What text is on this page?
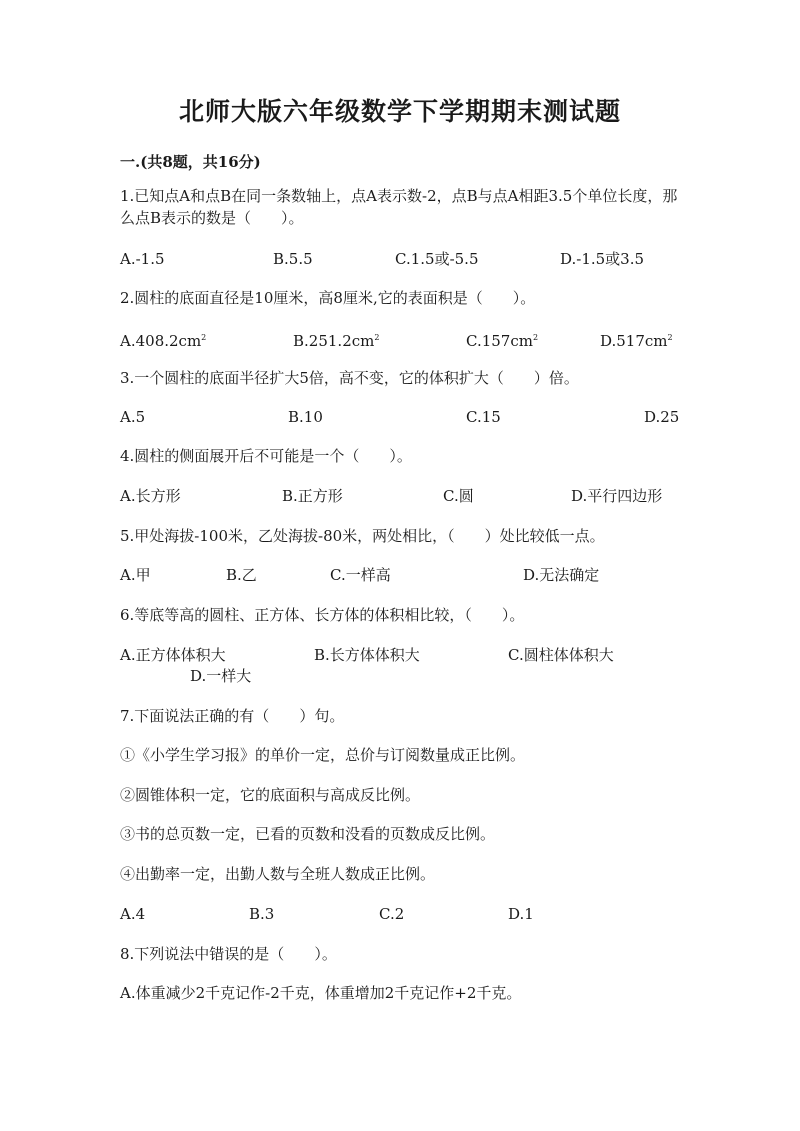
北师大版六年级数学下学期期末测试题
一.(共8题，共16分)
1.已知点A和点B在同一条数轴上，点A表示数-2，点B与点A相距3.5个单位长度，那么点B表示的数是（　　）。
A.-1.5	B.5.5	C.1.5或-5.5	D.-1.5或3.5
2.圆柱的底面直径是10厘米，高8厘米,它的表面积是（　　）。
$A.408.2cm^2$	$B.251.2cm^2$	$C.157cm^2$	$D.517cm^2$
3.一个圆柱的底面半径扩大5倍，高不变，它的体积扩大（　　）倍。
A.5	B.10	C.15	D.25
4.圆柱的侧面展开后不可能是一个（　　）。
A.长方形	B.正方形	C.圆	D.平行四边形
5.甲处海拔-100米，乙处海拔-80米，两处相比，（　　）处比较低一点。
A.甲	B.乙	C.一样高	D.无法确定
6.等底等高的圆柱、正方体、长方体的体积相比较，（　　）。
A.正方体体积大	B.长方体体积大	C.圆柱体体积大
D.一样大
7.下面说法正确的有（　　）句。
①《小学生学习报》的单价一定，总价与订阅数量成正比例。
②圆锥体积一定，它的底面积与高成反比例。
③书的总页数一定，已看的页数和没看的页数成反比例。
④出勤率一定，出勤人数与全班人数成正比例。
A.4	B.3	C.2	D.1
8.下列说法中错误的是（　　）。
A.体重减少2千克记作-2千克，体重增加2千克记作+2千克。
